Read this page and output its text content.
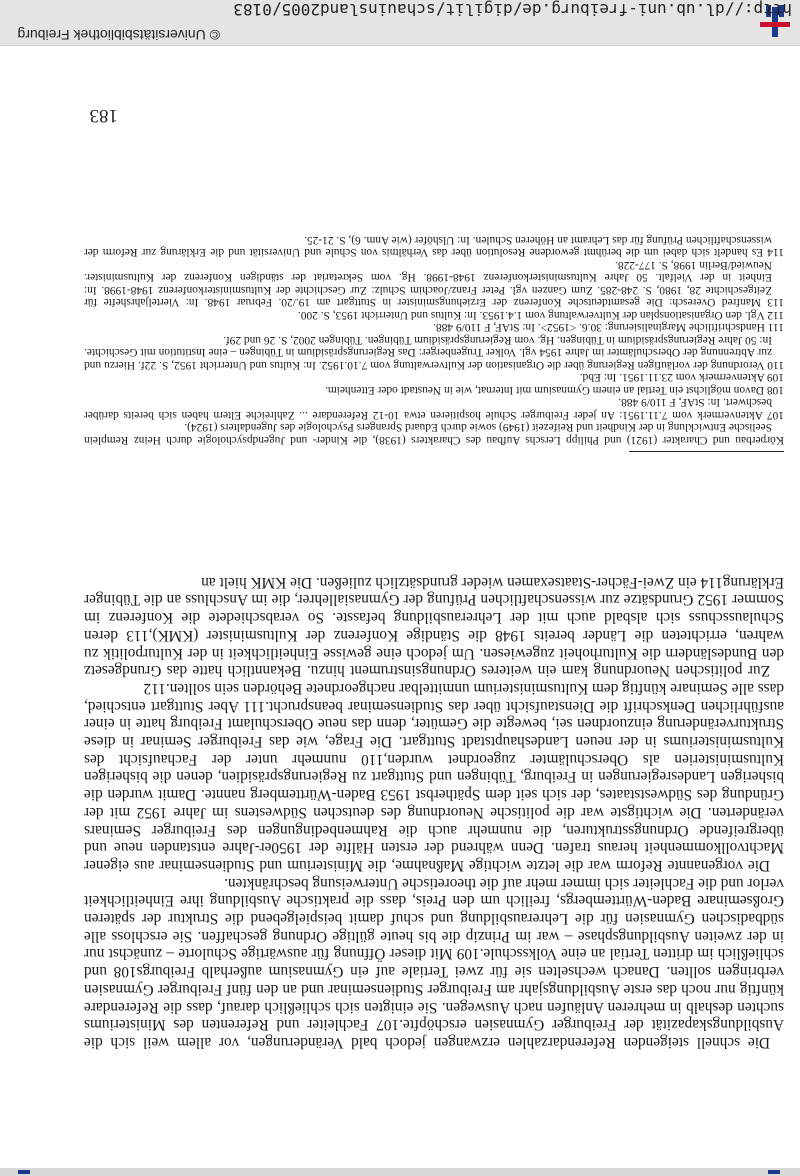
Die schnell steigenden Referendarzahlen erzwangen jedoch bald Veränderungen, vor allem weil sich die Ausbildungskapazität der Freiburger Gymnasien erschöpfte.107 Fachleiter und Referenten des Ministeriums suchten deshalb in mehreren Anläufen nach Auswegen. Sie einigten sich schließlich darauf, dass die Referendare künftig nur noch das erste Ausbildungsjahr am Freiburger Studienseminar und an den fünf Freiburger Gymnasien verbringen sollten. Danach wechselten sie für zwei Tertiale auf ein Gymnasium außerhalb Freiburgs108 und schließlich im dritten Tertial an eine Volksschule.109 Mit dieser Öffnung für auswärtige Schulorte – zunächst nur in der zweiten Ausbildungsphase – war im Prinzip die bis heute gültige Ordnung geschaffen. Sie erschloss alle südbadischen Gymnasien für die Lehrerausbildung und schuf damit beispielgebend die Struktur der späteren Großseminare Baden-Württembergs, freilich um den Preis, dass die praktische Ausbildung ihre Einheitlichkeit verlor und die Fachleiter sich immer mehr auf die theoretische Unterweisung beschränkten.

Die vorgenannte Reform war die letzte wichtige Maßnahme, die Ministerium und Studienseminar aus eigener Machtvollkommenheit heraus trafen. Denn während der ersten Hälfte der 1950er-Jahre entstanden neue und übergreifende Ordnungsstrukturen, die nunmehr auch die Rahmenbedingungen des Freiburger Seminars veränderten. Die wichtigste war die politische Neuordnung des deutschen Südwestens im Jahre 1952 mit der Gründung des Südweststaates, der sich seit dem Spätherbst 1953 Baden-Württemberg nannte. Damit wurden die bisherigen Landesregierungen in Freiburg, Tübingen und Stuttgart zu Regierungspräsidien, denen die bisherigen Kultusministerien als Oberschulämter zugeordnet wurden,110 nunmehr unter der Fachaufsicht des Kultusministeriums in der neuen Landeshauptstadt Stuttgart. Die Frage, wie das Freiburger Seminar in diese Strukturveränderung einzuordnen sei, bewegte die Gemüter, denn das neue Oberschulamt Freiburg hatte in einer ausführlichen Denkschrift die Dienstaufsicht über das Studienseminar beansprucht.111 Aber Stuttgart entschied, dass alle Seminare künftig dem Kultusministerium unmittelbar nachgeordnete Behörden sein sollten.112

Zur politischen Neuordnung kam ein weiteres Ordnungsinstrument hinzu. Bekanntlich hatte das Grundgesetz den Bundesländern die Kulturhoheit zugewiesen. Um jedoch eine gewisse Einheitlichkeit in der Kulturpolitik zu wahren, errichteten die Länder bereits 1948 die Ständige Konferenz der Kultusminister (KMK),113 deren Schulausschuss sich alsbald auch mit der Lehrerausbildung befasste. So verabschiedete die Konferenz im Sommer 1952 Grundsätze zur wissenschaftlichen Prüfung der Gymnasiallehrer, die im Anschluss an die Tübinger Erklärung114 ein Zwei-Fächer-Staatsexamen wieder grundsätzlich zuließen. Die KMK hielt an

Körperbau und Charakter (1921) und Philipp Lerschs Aufbau des Charakters (1938), die Kinder- und Jugendpsychologie durch Heinz Remplein Seelische Entwicklung in der Kindheit und Reifezeit (1949) sowie durch Eduard Sprangers Psychologie des Jugendalters (1924).

107 Aktenvermerk vom 7.11.1951: An jeder Freiburger Schule hospitieren etwa 10-12 Referendare ... Zahlreiche Eltern haben sich bereits darüber beschwert. In: StAF, F 110/9 488.

108 Davon möglichst ein Tertial an einem Gymnasium mit Internat, wie in Neustadt oder Ettenheim.

109 Aktenvermerk vom 23.11.1951. In: Ebd.

110 Verordnung der vorläufigen Regierung über die Organisation der Kultverwaltung vom 7.10.1952. In: Kultus und Unterricht 1952, S. 22f. Hierzu und zur Abtrennung der Oberschulämter im Jahre 1954 vgl. Volker Trugenberger: Das Regierungspräsidium in Tübingen – eine Institution mit Geschichte. In: 50 Jahre Regierungspräsidium in Tübingen. Hg. vom Regierungspräsidium Tübingen. Tübingen 2002, S. 26 und 29f.

111 Handschriftliche Marginalisierung: 30.6. <1952>. In: StAF, F 110/9 488.

112 Vgl. den Organisationsplan der Kultverwaltung vom 1.4.1953. In: Kultus und Unterricht 1953, S. 200.

113 Manfred Overesch: Die gesamtdeutsche Konferenz der Erziehungsminister in Stuttgart am 19./20. Februar 1948. In: Vierteljahrshefte für Zeitgeschichte 28, 1980, S. 248-285. Zum Ganzen vgl. Peter Franz/Joachim Schulz: Zur Geschichte der Kultusministerkonferenz 1948-1998. In: Einheit in der Vielfalt. 50 Jahre Kultusministerkonferenz 1948-1998. Hg. vom Sekretariat der ständigen Konferenz der Kultusminister. Neuwied/Berlin 1998, S. 177-228.

114 Es handelt sich dabei um die berühmt gewordene Resolution über das Verhältnis von Schule und Universität und die Erklärung zur Reform der wissenschaftlichen Prüfung für das Lehramt an Höheren Schulen. In: Ulshöfer (wie Anm. 6), S. 21-25.

183
http://dl.ub.uni-freiburg.de/digilit/schauinsland2005/0183
© Universitätsbibliothek Freiburg
